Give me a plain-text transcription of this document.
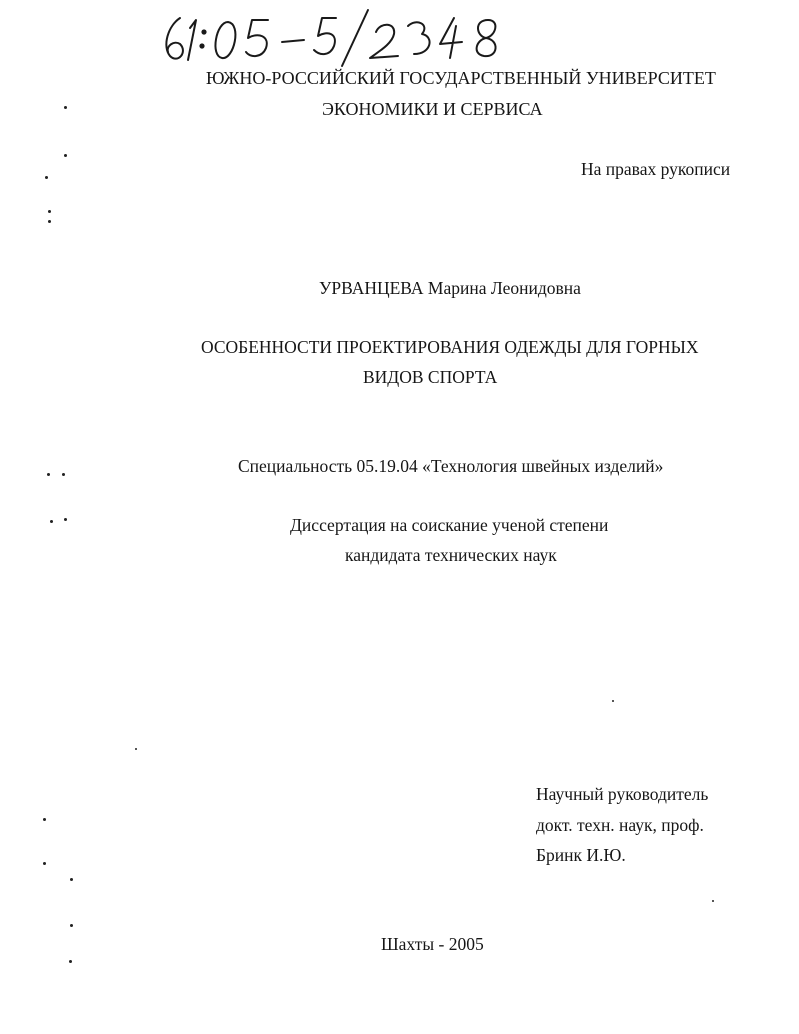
ЮЖНО-РОССИЙСКИЙ ГОСУДАРСТВЕННЫЙ УНИВЕРСИТЕТ
ЭКОНОМИКИ И СЕРВИСА
На правах рукописи
УРВАНЦЕВА Марина Леонидовна
ОСОБЕННОСТИ ПРОЕКТИРОВАНИЯ ОДЕЖДЫ ДЛЯ ГОРНЫХ
ВИДОВ СПОРТА
Специальность 05.19.04 «Технология швейных изделий»
Диссертация на соискание ученой степени
кандидата технических наук
Научный руководитель
докт. техн. наук, проф.
Бринк И.Ю.
Шахты - 2005
